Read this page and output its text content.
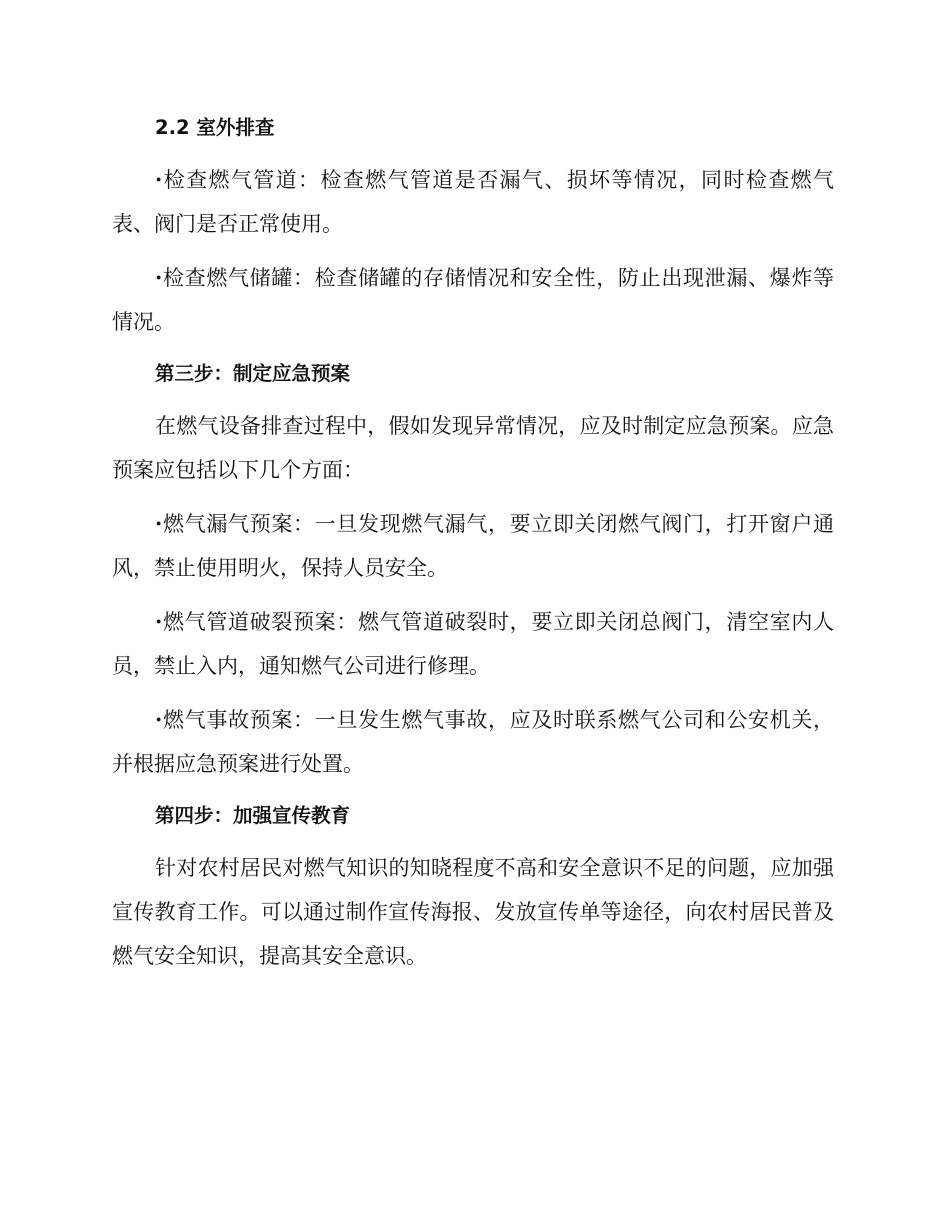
2.2 室外排查

·检查燃气管道：检查燃气管道是否漏气、损坏等情况，同时检查燃气表、阀门是否正常使用。

·检查燃气储罐：检查储罐的存储情况和安全性，防止出现泄漏、爆炸等情况。

第三步：制定应急预案

在燃气设备排查过程中，假如发现异常情况，应及时制定应急预案。应急预案应包括以下几个方面：

·燃气漏气预案：一旦发现燃气漏气，要立即关闭燃气阀门，打开窗户通风，禁止使用明火，保持人员安全。

·燃气管道破裂预案：燃气管道破裂时，要立即关闭总阀门，清空室内人员，禁止入内，通知燃气公司进行修理。

·燃气事故预案：一旦发生燃气事故，应及时联系燃气公司和公安机关，并根据应急预案进行处置。

第四步：加强宣传教育

针对农村居民对燃气知识的知晓程度不高和安全意识不足的问题，应加强宣传教育工作。可以通过制作宣传海报、发放宣传单等途径，向农村居民普及燃气安全知识，提高其安全意识。
